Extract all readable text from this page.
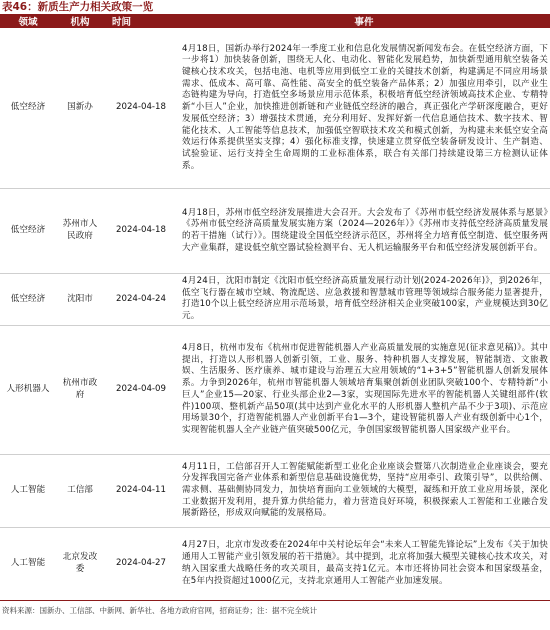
表46：新质生产力相关政策一览
领域	机构	时间	事件
低空经济	国新办	2024-04-18	4月18日，国新办举行2024年一季度工业和信息化发展情况新闻发布会。在低空经济方面，下一步将1）加快装备创新，围绕无人化、电动化、智能化发展趋势，加快新型通用航空装备关键核心技术攻关，包括电池、电机等应用到低空工业的关键技术创新，构建满足不同应用场景需求、低成本、高可靠、高性能、高安全的低空装备产品体系；2）加强应用牵引，以产业生态链构建为导向，打造低空多场景应用示范体系，积极培育低空经济领域高技术企业、专精特新“小巨人”企业，加快推进创新链和产业链低空经济的融合，真正强化产学研深度融合，更好发展低空经济；3）增强技术贯通，充分利用好、发挥好新一代信息通信技术、数字技术、智能化技术、人工智能等信息技术，加强低空智联技术攻关和模式创新，为构建未来低空安全高效运行体系提供坚实支撑；4）强化标准支撑，快速建立贯穿低空装备研发设计、生产制造、试验验证、运行支持全生命周期的工业标准体系，联合有关部门持续建设第三方检测认证体系。
低空经济	苏州市人民政府	2024-04-18	4月18日，苏州市低空经济发展推进大会召开。大会发布了《苏州市低空经济发展体系与愿景》《苏州市低空经济高质量发展实施方案（2024—2026年）》《苏州市支持低空经济高质量发展的若干措施（试行）》。围绕建设全国低空经济示范区，苏州将全力培育低空制造、低空服务两大产业集群，建设低空航空器试验检测平台、无人机运输服务平台和低空经济发展创新平台。
低空经济	沈阳市	2024-04-24	4月24日，沈阳市制定《沈阳市低空经济高质量发展行动计划(2024-2026年)》，到2026年，低空飞行器在城市空域、物流配送、应急救援和智慧城市管理等领域综合服务能力显著提升，打造10个以上低空经济应用示范场景，培育低空经济相关企业突破100家，产业规模达到30亿元。
人形机器人	杭州市政府	2024-04-09	4月8日，杭州市发布《杭州市促进智能机器人产业高质量发展的实施意见(征求意见稿)》。其中提出，打造以人形机器人创新引领，工业、服务、特种机器人支撑发展，智能制造、文旅教娱、生活服务、医疗康养、城市建设与治理五大应用领域的“1+3+5”智能机器人创新发展体系。力争到2026年，杭州市智能机器人领域培育集聚创新创业团队突破100个、专精特新“小巨人”企业15—20家、行业头部企业2—3家，实现国际先进水平的智能机器人关键组部件(软件)100项、整机新产品50项(其中达到产业化水平的人形机器人整机产品不少于3项)、示范应用场景30个，打造智能机器人产业创新平台1—3个，建设智能机器人产业有级创新中心1个，实现智能机器人全产业链产值突破500亿元，争创国家级智能机器人国家级产业平台。
人工智能	工信部	2024-04-11	4月11日，工信部召开人工智能赋能新型工业化企业座谈会暨第八次制造业企业座谈会，要充分发挥我国完备产业体系和新型信息基础设施优势，坚持“应用牵引、政策引导”，以供给侧、需求侧、基础侧协同发力，加快培育面向工业领域的大模型，凝练和开放工业应用场景，深化工业数据开发利用，提升算力供给能力，着力营造良好环境，积极探索人工智能和工业融合发展新路径，形成双向赋能的发展格局。
人工智能	北京发改委	2024-04-27	4月27日，北京市发改委在2024年中关村论坛年会“未来人工智能先锋论坛”上发布《关于加快通用人工智能产业引领发展的若干措施》。其中提到，北京将加强大模型关键核心技术攻关，对纳入国家重大战略任务的攻关项目，最高支持1亿元。本市还将协同社会资本和国家级基金，在5年内投资超过1000亿元，支持北京通用人工智能产业加速发展。
资料来源：国新办、工信部、中新网、新华社、各地方政府官网，招商证券；注：据不完全统计
